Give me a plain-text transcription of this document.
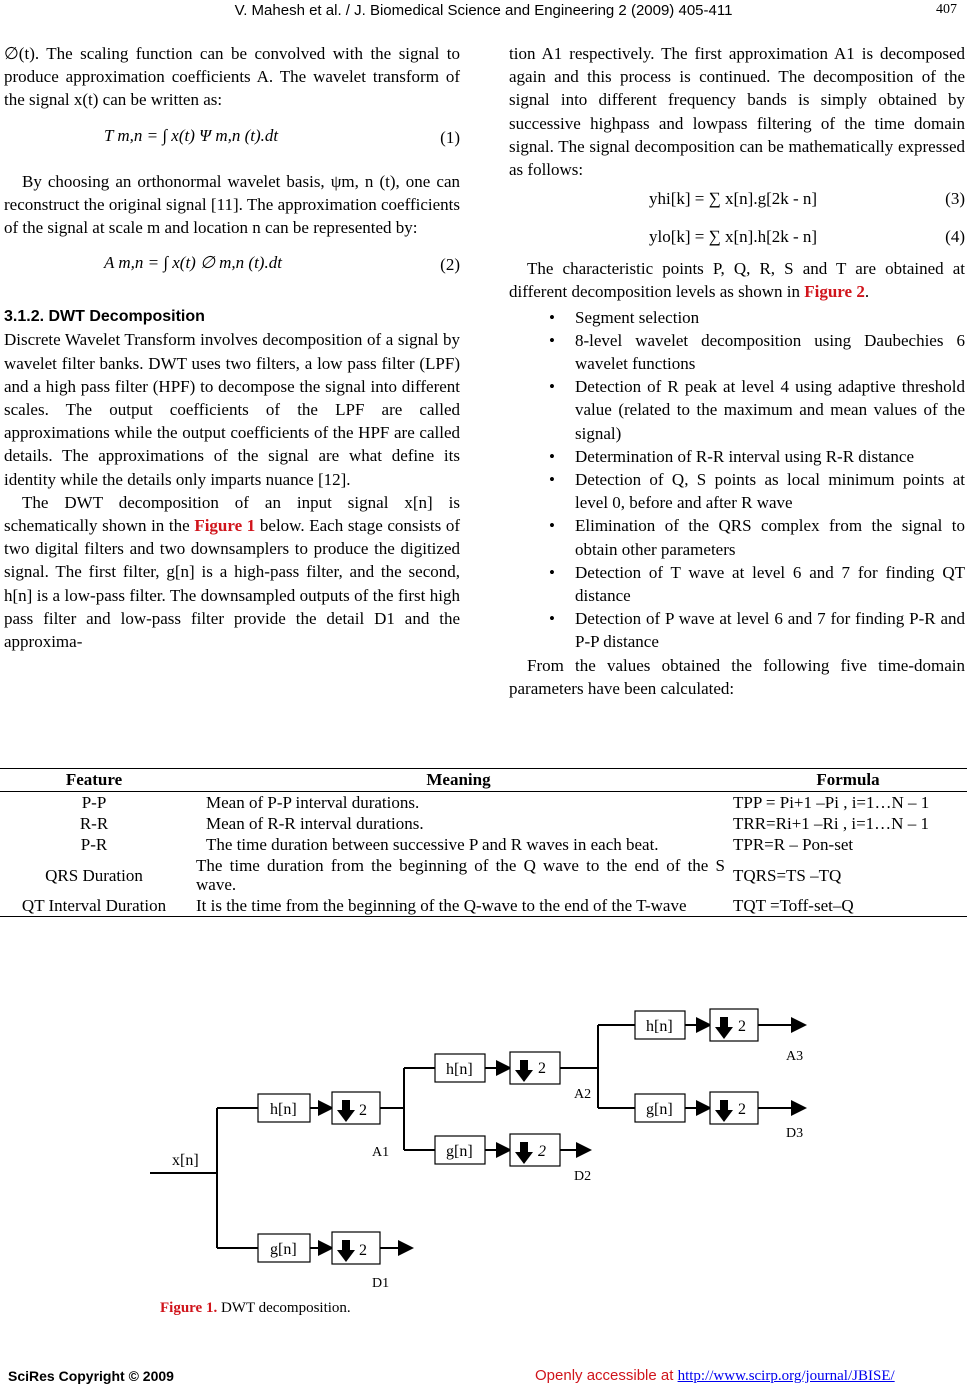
V. Mahesh et al. / J. Biomedical Science and Engineering 2 (2009) 405-411	407

∅(t). The scaling function can be convolved with the signal to produce approximation coefficients A. The wavelet transform of the signal x(t) can be written as:

T m,n = ∫ x(t) Ψ m,n (t).dt	(1)

By choosing an orthonormal wavelet basis, ψm, n (t), one can reconstruct the original signal [11]. The approximation coefficients of the signal at scale m and location n can be represented by:

A m,n = ∫ x(t) ∅ m,n (t).dt	(2)
3.1.2. DWT Decomposition

Discrete Wavelet Transform involves decomposition of a signal by wavelet filter banks. DWT uses two filters, a low pass filter (LPF) and a high pass filter (HPF) to decompose the signal into different scales. The output coefficients of the LPF are called approximations while the output coefficients of the HPF are called details. The approximations of the signal are what define its identity while the details only imparts nuance [12].

The DWT decomposition of an input signal x[n] is schematically shown in the Figure 1 below. Each stage consists of two digital filters and two downsamplers to produce the digitized signal. The first filter, g[n] is a high-pass filter, and the second, h[n] is a low-pass filter. The downsampled outputs of the first high pass filter and low-pass filter provide the detail D1 and the approxima-

tion A1 respectively. The first approximation A1 is decomposed again and this process is continued. The decomposition of the signal into different frequency bands is simply obtained by successive highpass and lowpass filtering of the time domain signal. The signal decomposition can be mathematically expressed as follows:

yhi[k] = ∑ x[n].g[2k - n]	(3)
ylo[k] = ∑ x[n].h[2k - n]	(4)

The characteristic points P, Q, R, S and T are obtained at different decomposition levels as shown in Figure 2.

• Segment selection
• 8-level wavelet decomposition using Daubechies 6 wavelet functions
• Detection of R peak at level 4 using adaptive threshold value (related to the maximum and mean values of the signal)
• Determination of R-R interval using R-R distance
• Detection of Q, S points as local minimum points at level 0, before and after R wave
• Elimination of the QRS complex from the signal to obtain other parameters
• Detection of T wave at level 6 and 7 for finding QT distance
• Detection of P wave at level 6 and 7 for finding P-R and P-P distance

From the values obtained the following five time-domain parameters have been calculated:

Feature	Meaning	Formula
P-P	Mean of P-P interval durations.	TPP = Pi+1 –Pi , i=1…N – 1
R-R	Mean of R-R interval durations.	TRR=Ri+1 –Ri , i=1…N – 1
P-R	The time duration between successive P and R waves in each beat.	TPR=R – Pon-set
QRS Duration	The time duration from the beginning of the Q wave to the end of the S wave.	TQRS=TS –TQ
QT Interval Duration	It is the time from the beginning of the Q-wave to the end of the T-wave	TQT =Toff-set–Q
x[n]
h[n]
g[n]
2
2
h[n]
g[n]
2
2
h[n]
g[n]
2
2
A1
D1
A2
D2
A3
D3
Figure 1. DWT decomposition.
SciRes Copyright © 2009	Openly accessible at http://www.scirp.org/journal/JBISE/
